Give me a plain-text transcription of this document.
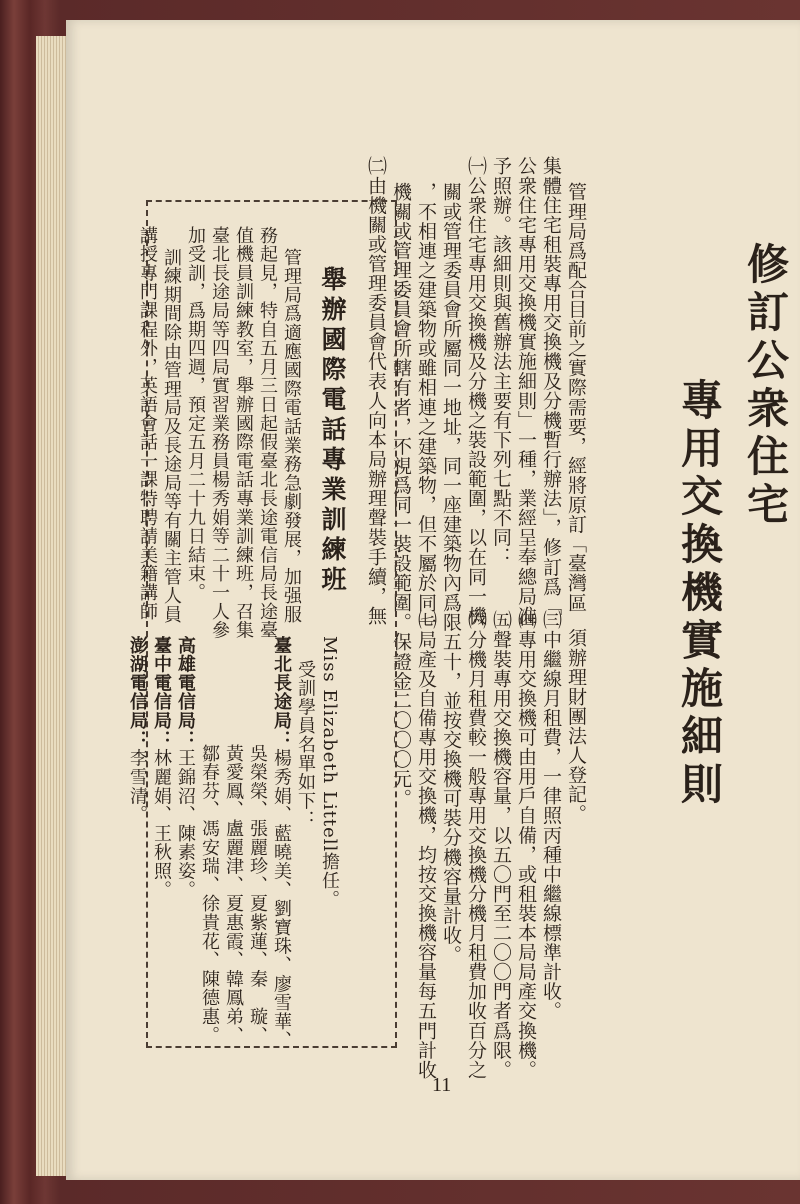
修訂公衆住宅
專用交換機實施細則
管理局爲配合目前之實際需要，經將原訂「臺灣區
集體住宅租裝專用交換機及分機暫行辦法」，修訂爲「
公衆住宅專用交換機實施細則」一種，業經呈奉總局准
予照辦。該細則與舊辦法主要有下列七點不同：
㈠公衆住宅專用交換機及分機之裝設範圍，以在同一機
關或管理委員會所屬同一地址，同一座建築物內爲限
，不相連之建築物或雖相連之建築物，但不屬於同一
機關或管理委員會所轄有者，不視爲同一裝設範圍。
㈡由機關或管理委員會代表人向本局辦理聲裝手續，無
須辦理財團法人登記。
㈢中繼線月租費，一律照丙種中繼線標準計收。
㈣專用交換機可由用戶自備，或租裝本局局產交換機。
㈤聲裝專用交換機容量，以五〇門至二〇〇門者爲限。
㈥分機月租費較一般專用交換機分機月租費加收百分之
五十，並按交換機可裝分機容量計收。
㈦局產及自備專用交換機，均按交換機容量每五門計收
保證金二〇〇〇元。
舉辦國際電話專業訓練班
管理局爲適應國際電話業務急劇發展，加强服
務起見，特自五月三日起假臺北長途電信局長途臺
值機員訓練教室，舉辦國際電話專業訓練班，召集
臺北長途局等四局實習業務員楊秀娟等二十一人參
加受訓，爲期四週，預定五月二十九日結束。
訓練期間除由管理局及長途局等有關主管人員
講授專門課程外，英語會話一課特聘請美籍講師
Miss Elizabeth Littell擔任。
受訓學員名單如下：
臺北長途局：楊秀娟、藍曉美、劉寶珠、廖雪華、
吳榮榮、張麗珍、夏紫蓮、秦　璇、
黃愛鳳、盧麗津、夏惠霞、韓鳳弟、
鄒春芬、馮安瑞、徐貴花、陳德惠。
高雄電信局：王錦沼、陳素姿。
臺中電信局：林麗娟、王秋照。
澎湖電信局：李雪清。
11
